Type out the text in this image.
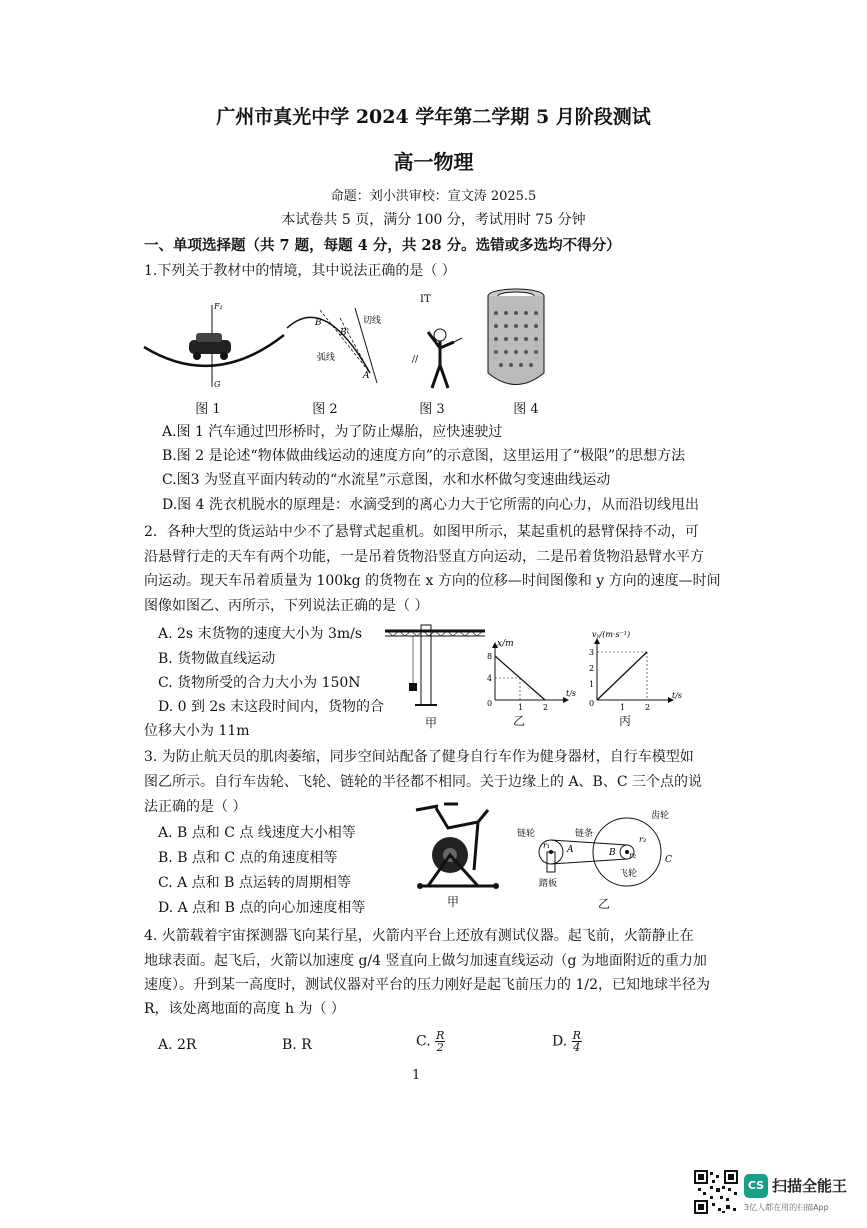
广州市真光中学 2024 学年第二学期 5 月阶段测试
高一物理
命题：刘小洪审校：宣文涛 2025.5
本试卷共 5 页，满分 100 分，考试用时 75 分钟
一、单项选择题（共 7 题，每题 4 分，共 28 分。选错或多选均不得分）
1.下列关于教材中的情境，其中说法正确的是（ ）
F₁
G
B
B'
切线
弧线
A
IT
//
图 1	图 2	图 3	图 4
A.图 1 汽车通过凹形桥时，为了防止爆胎，应快速驶过
B.图 2 是论述“物体做曲线运动的速度方向”的示意图，这里运用了“极限”的思想方法
C.图3 为竖直平面内转动的“水流星”示意图，水和水杯做匀变速曲线运动
D.图 4 洗衣机脱水的原理是：水滴受到的离心力大于它所需的向心力，从而沿切线甩出
2．各种大型的货运站中少不了悬臂式起重机。如图甲所示，某起重机的悬臂保持不动，可
沿悬臂行走的天车有两个功能，一是吊着货物沿竖直方向运动，二是吊着货物沿悬臂水平方
向运动。现天车吊着质量为 100kg 的货物在 x 方向的位移—时间图像和 y 方向的速度—时间
图像如图乙、丙所示，下列说法正确的是（ ）
A. 2s 末货物的速度大小为 3m/s
B. 货物做直线运动
C. 货物所受的合力大小为 150N
D. 0 到 2s 末这段时间内，货物的合
位移大小为 11m	甲
x/m
t/s
8
4
0	1 2
乙
vᵧ/(m·s⁻¹)
t/s
3
2
1
0	1 2
丙
3. 为防止航天员的肌肉萎缩，同步空间站配备了健身自行车作为健身器材，自行车模型如
图乙所示。自行车齿轮、飞轮、链轮的半径都不相同。关于边缘上的 A、B、C 三个点的说
法正确的是（ ）
A. B 点和 C 点 线速度大小相等
B. B 点和 C 点的角速度相等
C. A 点和 B 点运转的周期相等
D. A 点和 B 点的向心加速度相等	甲
链轮	链条
齿轮
踏板
飞轮
A	B
C
r₁
r₂
r₃
乙
4. 火箭载着宇宙探测器飞向某行星，火箭内平台上还放有测试仪器。起飞前，火箭静止在
地球表面。起飞后，火箭以加速度 g/4 竖直向上做匀加速直线运动（g 为地面附近的重力加
速度）。升到某一高度时，测试仪器对平台的压力刚好是起飞前压力的 1/2，已知地球半径为
R，该处离地面的高度 h 为（ ）
A. 2R	B. R	C. $\frac{R}{2}$	D. $\frac{R}{4}$
1
CS 扫描全能王
3亿人都在用的扫描App
